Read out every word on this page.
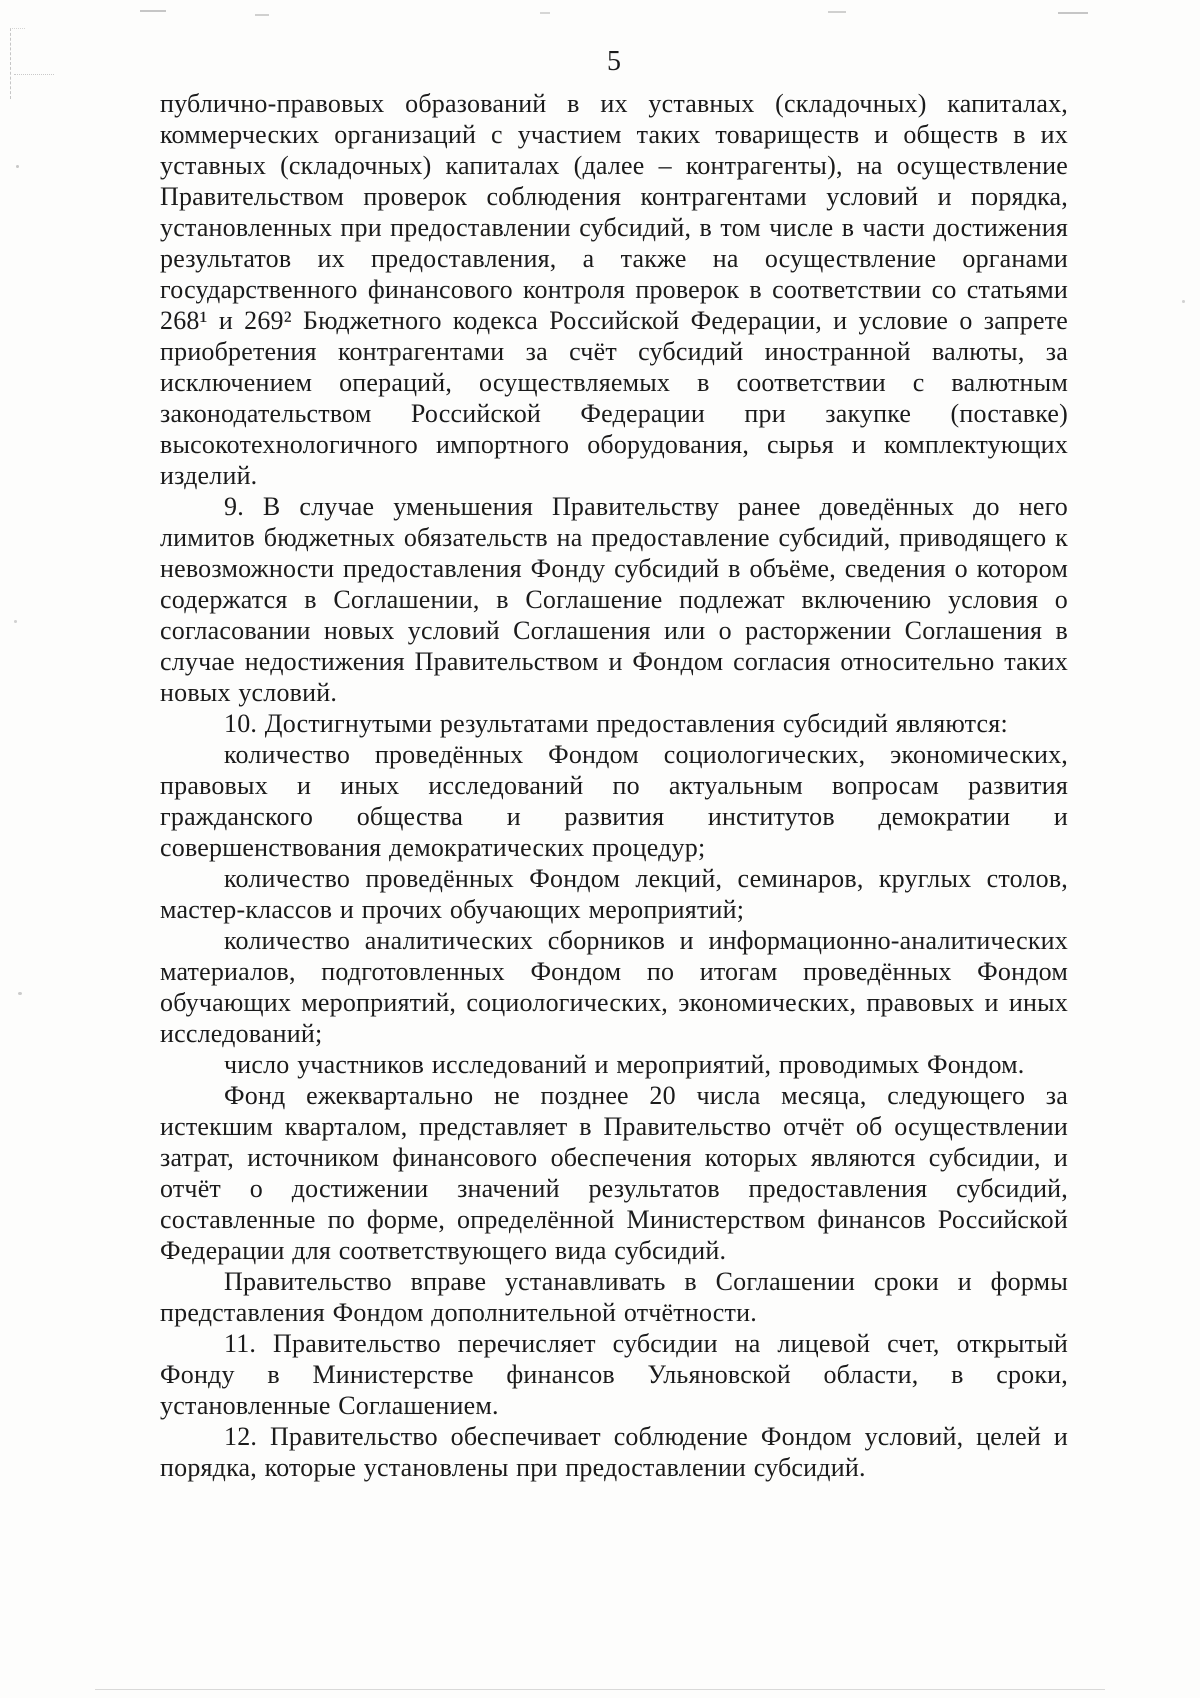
5

публично-правовых образований в их уставных (складочных) капиталах, коммерческих организаций с участием таких товариществ и обществ в их уставных (складочных) капиталах (далее – контрагенты), на осуществление Правительством проверок соблюдения контрагентами условий и порядка, установленных при предоставлении субсидий, в том числе в части достижения результатов их предоставления, а также на осуществление органами государственного финансового контроля проверок в соответствии со статьями 268¹ и 269² Бюджетного кодекса Российской Федерации, и условие о запрете приобретения контрагентами за счёт субсидий иностранной валюты, за исключением операций, осуществляемых в соответствии с валютным законодательством Российской Федерации при закупке (поставке) высокотехнологичного импортного оборудования, сырья и комплектующих изделий.

9. В случае уменьшения Правительству ранее доведённых до него лимитов бюджетных обязательств на предоставление субсидий, приводящего к невозможности предоставления Фонду субсидий в объёме, сведения о котором содержатся в Соглашении, в Соглашение подлежат включению условия о согласовании новых условий Соглашения или о расторжении Соглашения в случае недостижения Правительством и Фондом согласия относительно таких новых условий.

10. Достигнутыми результатами предоставления субсидий являются:

количество проведённых Фондом социологических, экономических, правовых и иных исследований по актуальным вопросам развития гражданского общества и развития институтов демократии и совершенствования демократических процедур;

количество проведённых Фондом лекций, семинаров, круглых столов, мастер-классов и прочих обучающих мероприятий;

количество аналитических сборников и информационно-аналитических материалов, подготовленных Фондом по итогам проведённых Фондом обучающих мероприятий, социологических, экономических, правовых и иных исследований;

число участников исследований и мероприятий, проводимых Фондом.

Фонд ежеквартально не позднее 20 числа месяца, следующего за истекшим кварталом, представляет в Правительство отчёт об осуществлении затрат, источником финансового обеспечения которых являются субсидии, и отчёт о достижении значений результатов предоставления субсидий, составленные по форме, определённой Министерством финансов Российской Федерации для соответствующего вида субсидий.

Правительство вправе устанавливать в Соглашении сроки и формы представления Фондом дополнительной отчётности.

11. Правительство перечисляет субсидии на лицевой счет, открытый Фонду в Министерстве финансов Ульяновской области, в сроки, установленные Соглашением.

12. Правительство обеспечивает соблюдение Фондом условий, целей и порядка, которые установлены при предоставлении субсидий.
